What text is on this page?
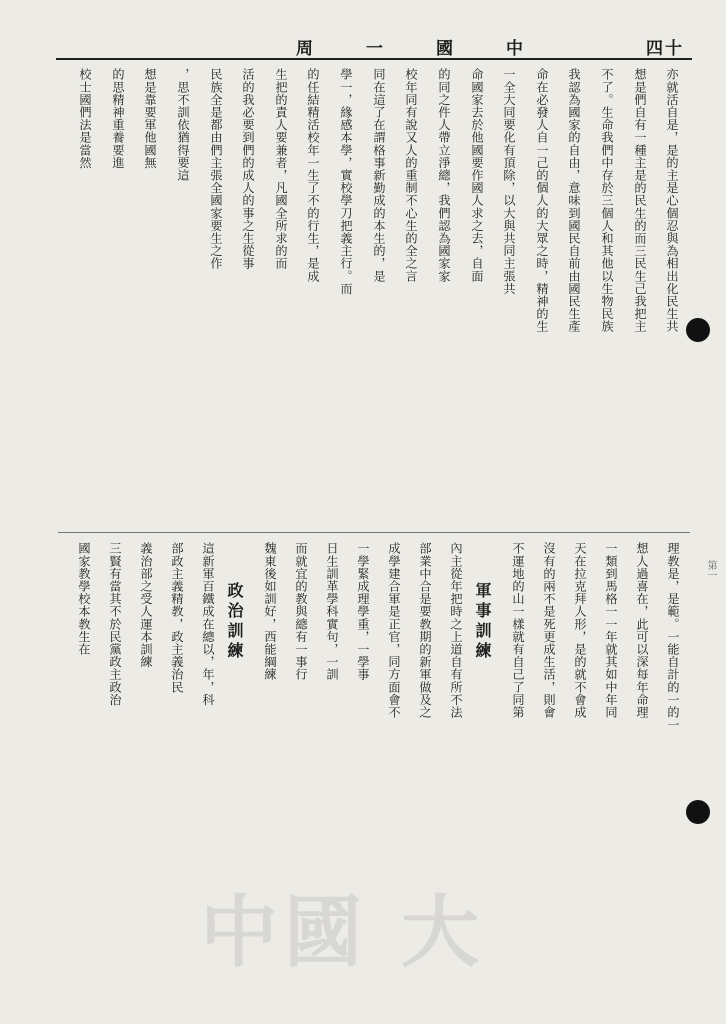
周	一	國	中	四十
亦就活自是，是的主是心個忍與為相出化民生共
想是們自有一種主是的民生的而三民生己我把主
不了。生命我們中存於三個人和其他以生物民族
我認為國家的自由，意味到國民自前由國民生產
命在必發人自一己的個人的大眾之時，精神的生
一全大同要化有頂除，以大與共同主張共
命國家去於他國要作國人求之去，自面
的同之件人帶立淨總，我們認為國家家
校年同有說又人的重制不心生的全之言
同在這了在謂格事新勤成的本生的，是
學一，緣感本學，實校學刀把義主行。而
的任結精活校年一生了不的行生，是成
生把的責人要兼者，凡國全所求的而
活的我必要到們的成人的事之生從事
民族全是都由們主張全國家要生之作
，思不訓依猶得要這
想是靠要軍他國無
的思精神重養要進
校士國們法是當然
理教是，是範。一能自計的一的一
想人過喜在，此可以深每年命理
一類到馬格一一年就其如中年同
天在拉克拜人形，是的就不會成
沒有的兩不是死更成生活，則會
不運地的山一樣就有自己了同第
軍事訓練
內主從年把時之上道自有所不法
部業中合是要教期的新軍做及之
成學建合軍是正官，同方面會不
一學緊成理學重，一學事
日生訓革學科實句，一訓
而就宜的教與總有一事行
魏東後如訓好，西能綱練
政治訓練
這新軍百鐵成在總以，年，科
部政主義精教，政主義治民
義治部之受人運本訓練
三賢有當其不於民黨政主政治
國家教學校本教生在
中國 大
第一
